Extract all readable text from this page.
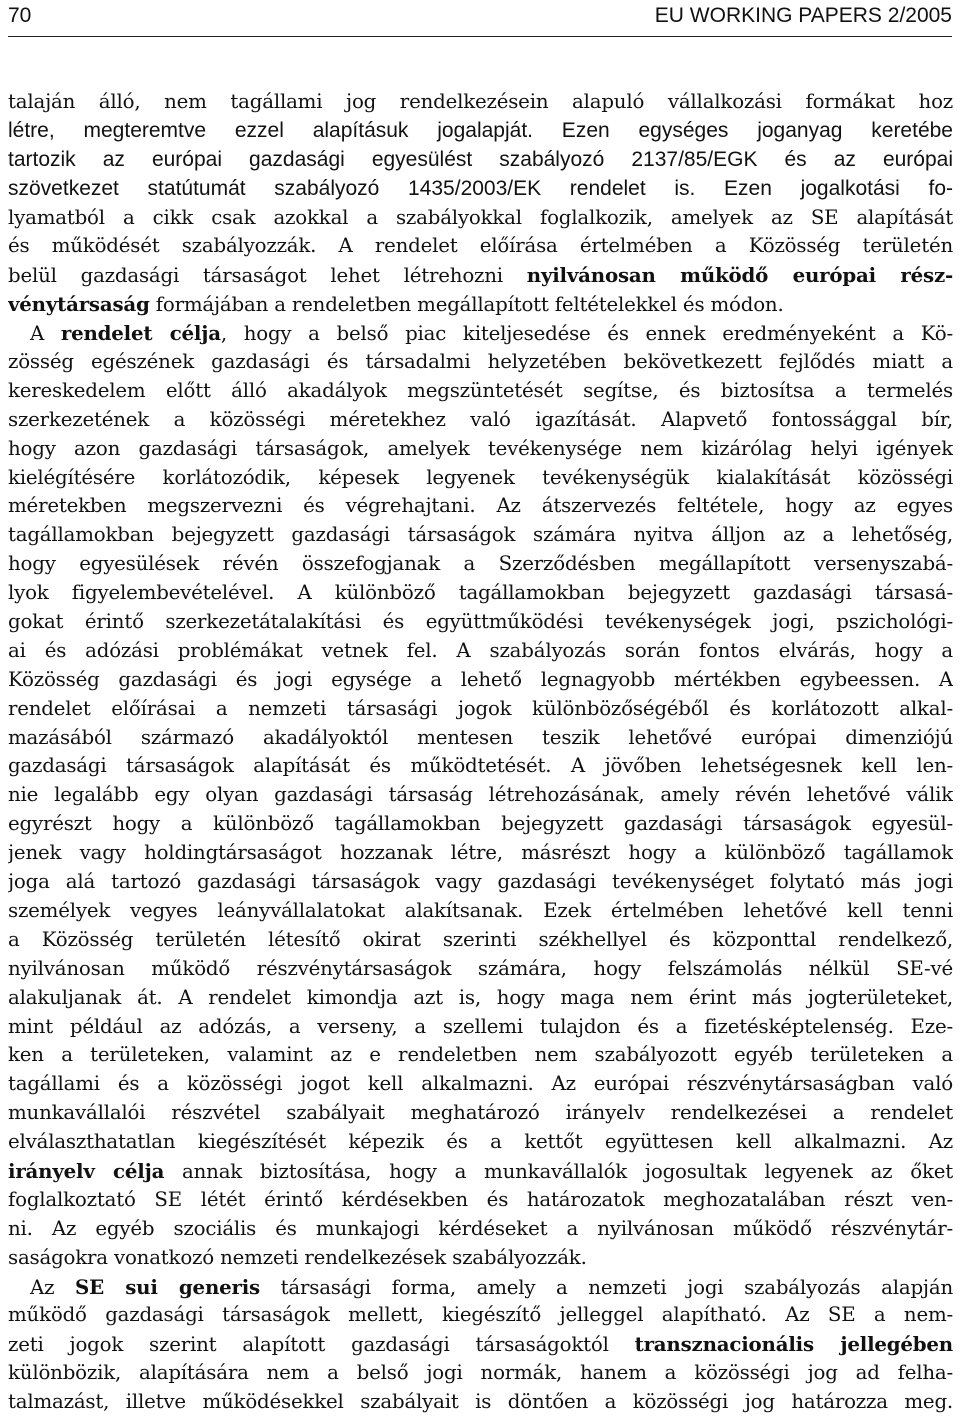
70	EU WORKING PAPERS 2/2005
talaján álló, nem tagállami jog rendelkezésein alapuló vállalkozási formákat hoz
létre, megteremtve ezzel alapításuk jogalapját. Ezen egységes joganyag keretébe
tartozik az európai gazdasági egyesülést szabályozó 2137/85/EGK és az európai
szövetkezet statútumát szabályozó 1435/2003/EK rendelet is. Ezen jogalkotási fo-
lyamatból a cikk csak azokkal a szabályokkal foglalkozik, amelyek az SE alapítását
és működését szabályozzák. A rendelet előírása értelmében a Közösség területén
belül gazdasági társaságot lehet létrehozni nyilvánosan működő európai rész-
vénytársaság formájában a rendeletben megállapított feltételekkel és módon.
A rendelet célja, hogy a belső piac kiteljesedése és ennek eredményeként a Kö-
zösség egészének gazdasági és társadalmi helyzetében bekövetkezett fejlődés miatt a
kereskedelem előtt álló akadályok megszüntetését segítse, és biztosítsa a termelés
szerkezetének a közösségi méretekhez való igazítását. Alapvető fontossággal bír,
hogy azon gazdasági társaságok, amelyek tevékenysége nem kizárólag helyi igények
kielégítésére korlátozódik, képesek legyenek tevékenységük kialakítását közösségi
méretekben megszervezni és végrehajtani. Az átszervezés feltétele, hogy az egyes
tagállamokban bejegyzett gazdasági társaságok számára nyitva álljon az a lehetőség,
hogy egyesülések révén összefogjanak a Szerződésben megállapított versenyszabá-
lyok figyelembevételével. A különböző tagállamokban bejegyzett gazdasági társasá-
gokat érintő szerkezetátalakítási és együttműködési tevékenységek jogi, pszichológi-
ai és adózási problémákat vetnek fel. A szabályozás során fontos elvárás, hogy a
Közösség gazdasági és jogi egysége a lehető legnagyobb mértékben egybeessen. A
rendelet előírásai a nemzeti társasági jogok különbözőségéből és korlátozott alkal-
mazásából származó akadályoktól mentesen teszik lehetővé európai dimenziójú
gazdasági társaságok alapítását és működtetését. A jövőben lehetségesnek kell len-
nie legalább egy olyan gazdasági társaság létrehozásának, amely révén lehetővé válik
egyrészt hogy a különböző tagállamokban bejegyzett gazdasági társaságok egyesül-
jenek vagy holdingtársaságot hozzanak létre, másrészt hogy a különböző tagállamok
joga alá tartozó gazdasági társaságok vagy gazdasági tevékenységet folytató más jogi
személyek vegyes leányvállalatokat alakítsanak. Ezek értelmében lehetővé kell tenni
a Közösség területén létesítő okirat szerinti székhellyel és központtal rendelkező,
nyilvánosan működő részvénytársaságok számára, hogy felszámolás nélkül SE-vé
alakuljanak át. A rendelet kimondja azt is, hogy maga nem érint más jogterületeket,
mint például az adózás, a verseny, a szellemi tulajdon és a fizetésképtelenség. Eze-
ken a területeken, valamint az e rendeletben nem szabályozott egyéb területeken a
tagállami és a közösségi jogot kell alkalmazni. Az európai részvénytársaságban való
munkavállalói részvétel szabályait meghatározó irányelv rendelkezései a rendelet
elválaszthatatlan kiegészítését képezik és a kettőt együttesen kell alkalmazni. Az
irányelv célja annak biztosítása, hogy a munkavállalók jogosultak legyenek az őket
foglalkoztató SE létét érintő kérdésekben és határozatok meghozatalában részt ven-
ni. Az egyéb szociális és munkajogi kérdéseket a nyilvánosan működő részvénytár-
saságokra vonatkozó nemzeti rendelkezések szabályozzák.
Az SE sui generis társasági forma, amely a nemzeti jogi szabályozás alapján
működő gazdasági társaságok mellett, kiegészítő jelleggel alapítható. Az SE a nem-
zeti jogok szerint alapított gazdasági társaságoktól transznacionális jellegében
különbözik, alapítására nem a belső jogi normák, hanem a közösségi jog ad felha-
talmazást, illetve működésekkel szabályait is döntően a közösségi jog határozza meg.
